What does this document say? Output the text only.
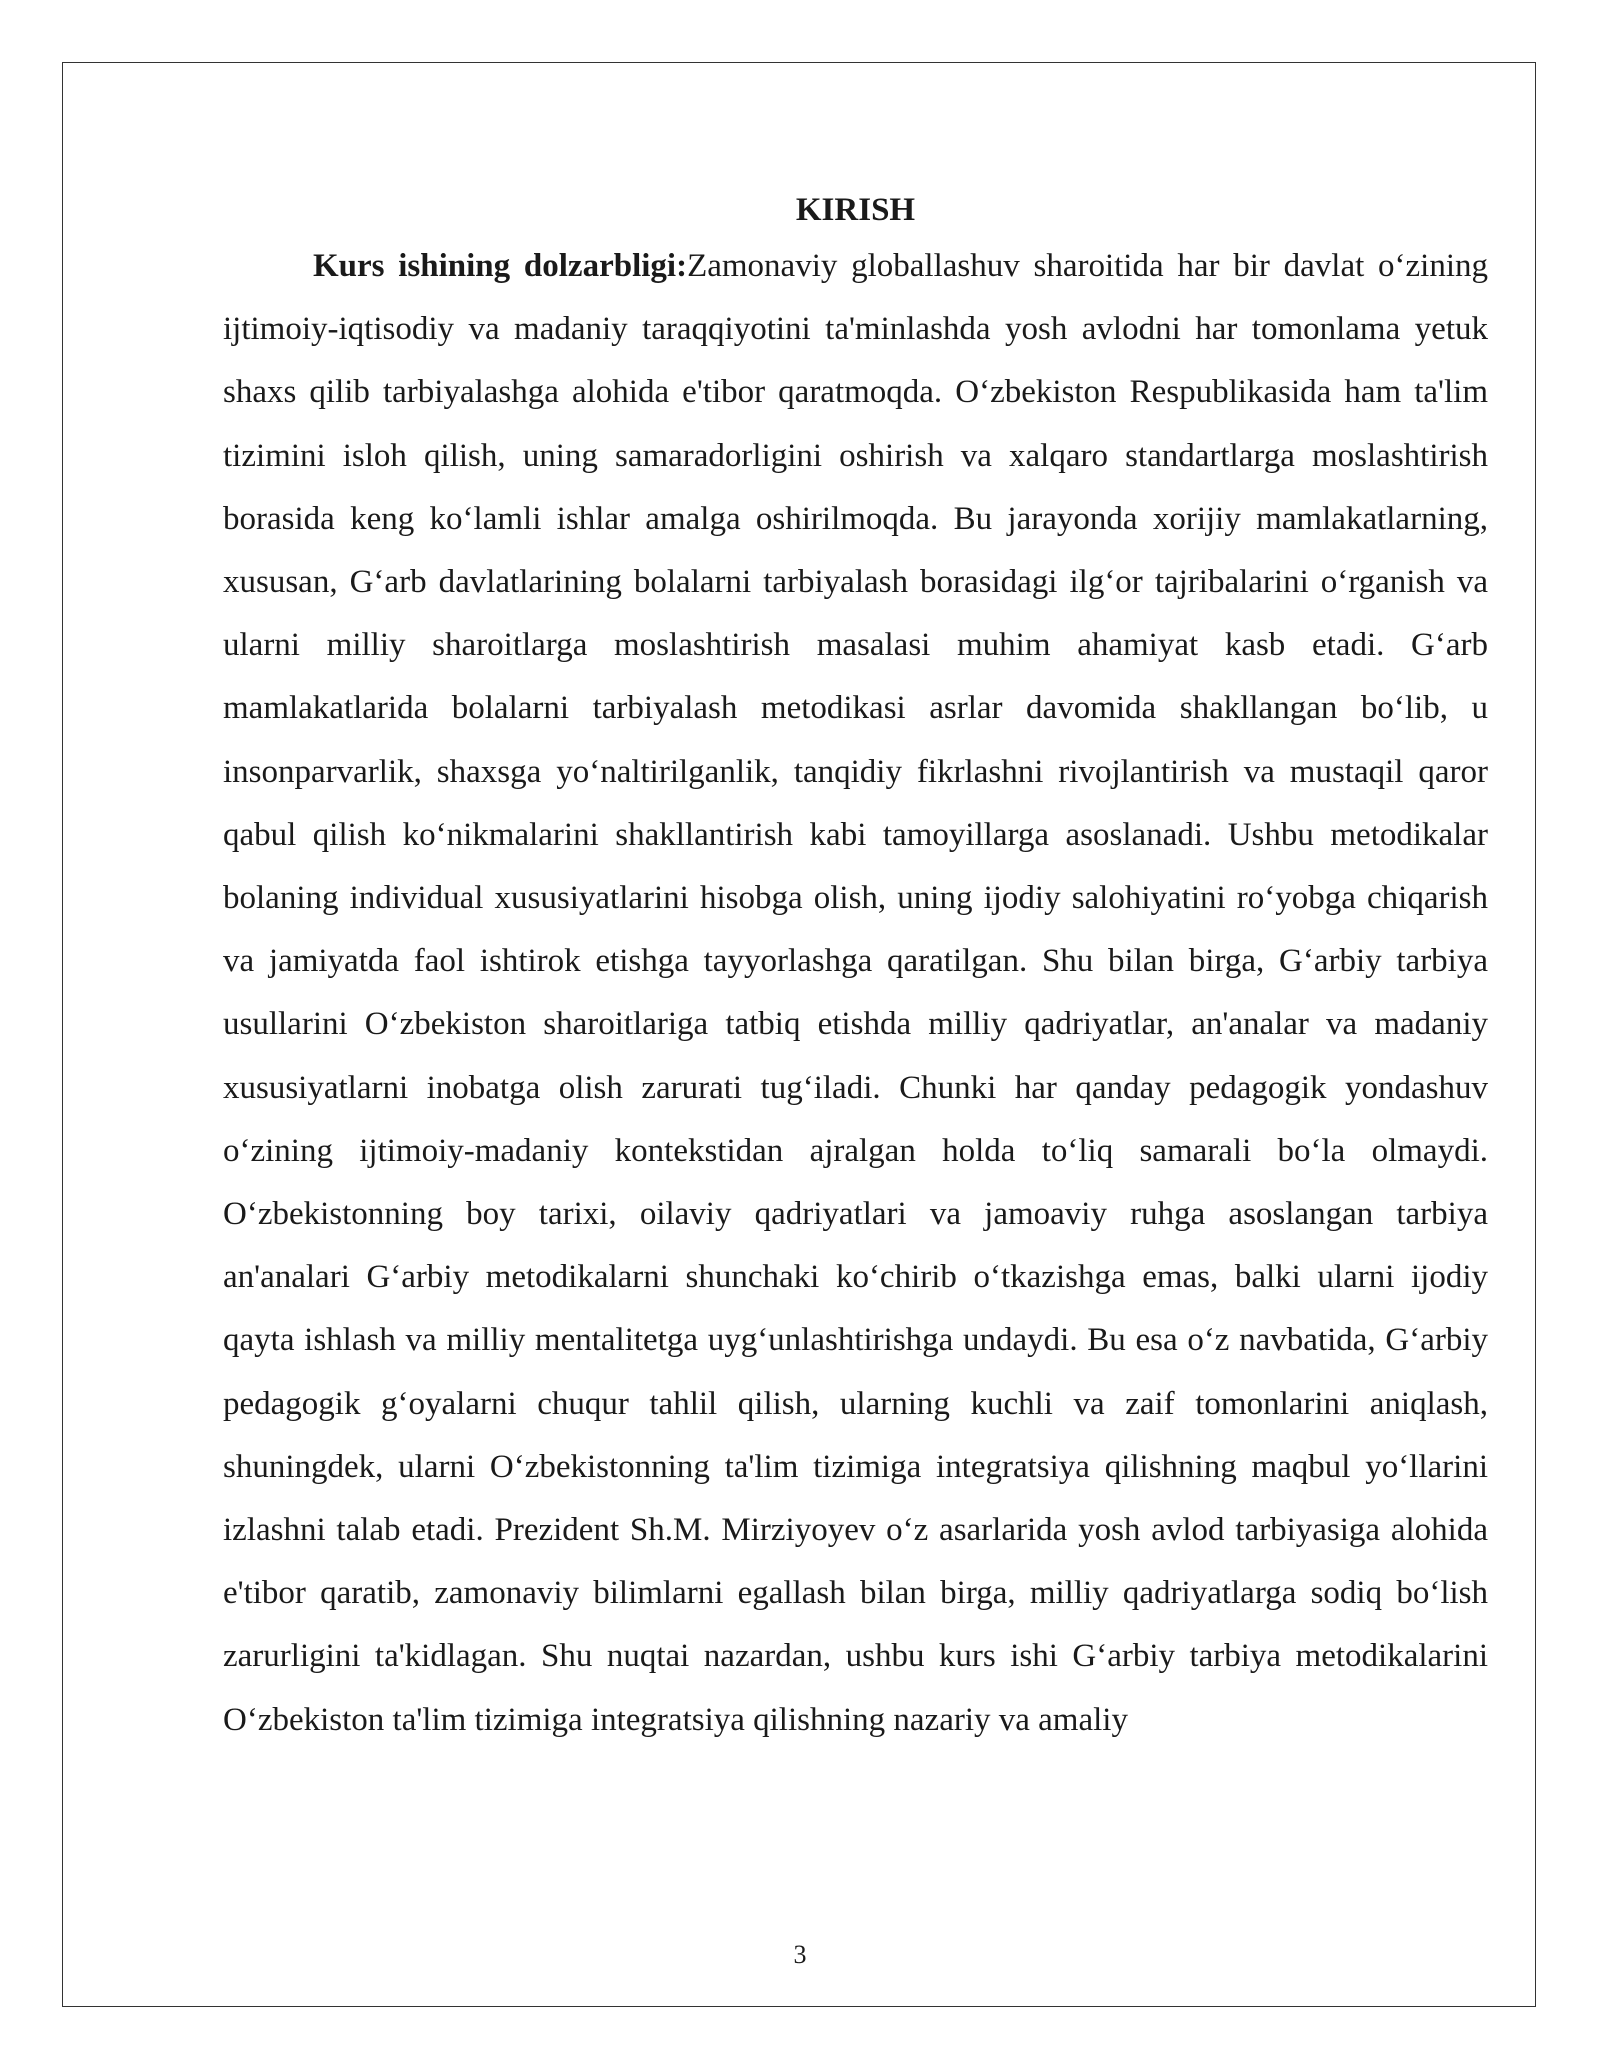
KIRISH

Kurs ishining dolzarbligi:Zamonaviy globallashuv sharoitida har bir davlat oʻzining ijtimoiy-iqtisodiy va madaniy taraqqiyotini ta'minlashda yosh avlodni har tomonlama yetuk shaxs qilib tarbiyalashga alohida e'tibor qaratmoqda. Oʻzbekiston Respublikasida ham ta'lim tizimini isloh qilish, uning samaradorligini oshirish va xalqaro standartlarga moslashtirish borasida keng koʻlamli ishlar amalga oshirilmoqda. Bu jarayonda xorijiy mamlakatlarning, xususan, Gʻarb davlatlarining bolalarni tarbiyalash borasidagi ilgʻor tajribalarini oʻrganish va ularni milliy sharoitlarga moslashtirish masalasi muhim ahamiyat kasb etadi. Gʻarb mamlakatlarida bolalarni tarbiyalash metodikasi asrlar davomida shakllangan boʻlib, u insonparvarlik, shaxsga yoʻnaltirilganlik, tanqidiy fikrlashni rivojlantirish va mustaqil qaror qabul qilish koʻnikmalarini shakllantirish kabi tamoyillarga asoslanadi. Ushbu metodikalar bolaning individual xususiyatlarini hisobga olish, uning ijodiy salohiyatini roʻyobga chiqarish va jamiyatda faol ishtirok etishga tayyorlashga qaratilgan. Shu bilan birga, Gʻarbiy tarbiya usullarini Oʻzbekiston sharoitlariga tatbiq etishda milliy qadriyatlar, an'analar va madaniy xususiyatlarni inobatga olish zarurati tugʻiladi. Chunki har qanday pedagogik yondashuv oʻzining ijtimoiy-madaniy kontekstidan ajralgan holda toʻliq samarali boʻla olmaydi. Oʻzbekistonning boy tarixi, oilaviy qadriyatlari va jamoaviy ruhga asoslangan tarbiya an'analari Gʻarbiy metodikalarni shunchaki koʻchirib oʻtkazishga emas, balki ularni ijodiy qayta ishlash va milliy mentalitetga uygʻunlashtirishga undaydi. Bu esa oʻz navbatida, Gʻarbiy pedagogik gʻoyalarni chuqur tahlil qilish, ularning kuchli va zaif tomonlarini aniqlash, shuningdek, ularni Oʻzbekistonning ta'lim tizimiga integratsiya qilishning maqbul yoʻllarini izlashni talab etadi. Prezident Sh.M. Mirziyoyev oʻz asarlarida yosh avlod tarbiyasiga alohida e'tibor qaratib, zamonaviy bilimlarni egallash bilan birga, milliy qadriyatlarga sodiq boʻlish zarurligini ta'kidlagan. Shu nuqtai nazardan, ushbu kurs ishi Gʻarbiy tarbiya metodikalarini Oʻzbekiston ta'lim tizimiga integratsiya qilishning nazariy va amaliy

3
